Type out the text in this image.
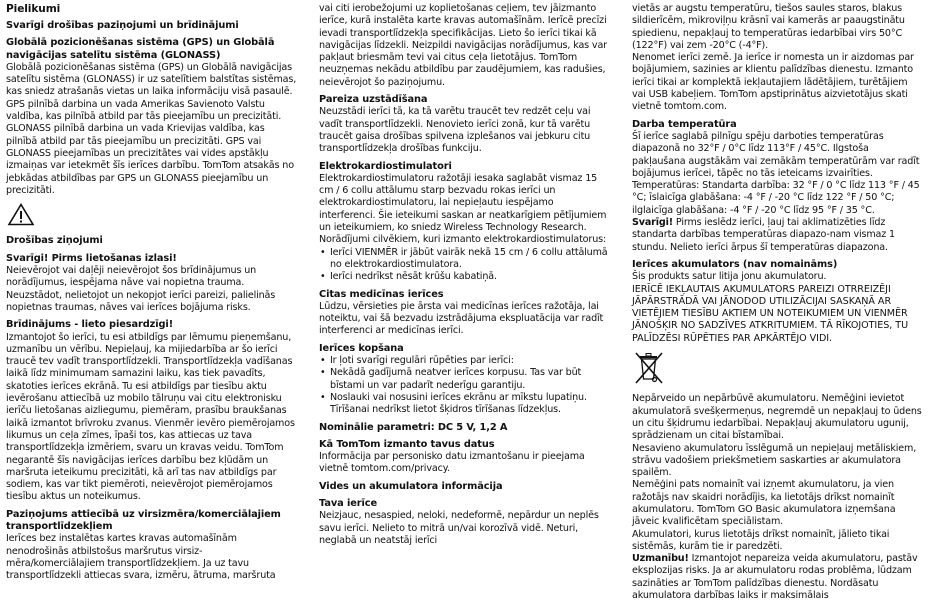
Pielikumi
Svarīgi drošības paziņojumi un brīdinājumi
Globālā pozicionēšanas sistēma (GPS) un Globālā navigācijas satelītu sistēma (GLONASS)

Globālā pozicionēšanas sistēma (GPS) un Globālā navigācijas satelītu sistēma (GLONASS) ir uz satelītiem balstītas sistēmas, kas sniedz atrašanās vietas un laika informāciju visā pasaulē. GPS pilnībā darbina un vada Amerikas Savienoto Valstu valdība, kas pilnībā atbild par tās pieejamību un precizitāti. GLONASS pilnībā darbina un vada Krievijas valdība, kas pilnībā atbild par tās pieejamību un precizitāti. GPS vai GLONASS pieejamības un precizitātes vai vides apstākļu izmaiņas var ietekmēt šīs ierīces darbību. TomTom atsakās no jebkādas atbildības par GPS un GLONASS pieejamību un precizitāti.

Drošības ziņojumi
Svarīgi! Pirms lietošanas izlasi!

Neievērojot vai daļēji neievērojot šos brīdinājumus un norādījumus, iespējama nāve vai nopietna trauma. Neuzstādot, nelietojot un nekopjot ierīci pareizi, palielinās nopietnas traumas, nāves vai ierīces bojājuma risks.

Brīdinājums - lieto piesardzīgi!

Izmantojot šo ierīci, tu esi atbildīgs par lēmumu pieņemšanu, uzmanību un vērību. Nepieļauj, ka mijiedarbība ar šo ierīci traucē tev vadīt transportlīdzekli. Transportlīdzekļa vadīšanas laikā līdz minimumam samazini laiku, kas tiek pavadīts, skatoties ierīces ekrānā. Tu esi atbildīgs par tiesību aktu ievērošanu attiecībā uz mobilo tālruņu vai citu elektronisku ierīču lietošanas aizliegumu, piemēram, prasību braukšanas laikā izmantot brīvroku zvanus. Vienmēr ievēro piemērojamos likumus un ceļa zīmes, īpaši tos, kas attiecas uz tava transportlīdzekļa izmēriem, svaru un kravas veidu. TomTom negarantē šīs navigācijas ierīces darbību bez kļūdām un maršruta ieteikumu precizitāti, kā arī tas nav atbildīgs par sodiem, kas var tikt piemēroti, neievērojot piemērojamos tiesību aktus un noteikumus.

Paziņojums attiecībā uz virsizmēra/komerciālajiem transportlīdzekļiem

Ierīces bez instalētas kartes kravas automašīnām nenodrošinās atbilstošus maršrutus virsiz-mēra/komerciālajiem transportlīdzekļiem. Ja uz tavu transportlīdzekli attiecas svara, izmēru, ātruma, maršruta

vai citi ierobežojumi uz koplietošanas ceļiem, tev jāizmanto ierīce, kurā instalēta karte kravas automašīnām. Ierīcē precīzi ievadi transportlīdzekļa specifikācijas. Lieto šo ierīci tikai kā navigācijas līdzekli. Neizpildi navigācijas norādījumus, kas var pakļaut briesmām tevi vai citus ceļa lietotājus. TomTom neuzņemas nekādu atbildību par zaudējumiem, kas radušies, neievērojot šo paziņojumu.

Pareiza uzstādīšana

Neuzstādi ierīci tā, ka tā varētu traucēt tev redzēt ceļu vai vadīt transportlīdzekli. Nenovieto ierīci zonā, kur tā varētu traucēt gaisa drošības spilvena izplešanos vai jebkuru citu transportlīdzekļa drošības funkciju.

Elektrokardiostimulatori

Elektrokardiostimulatoru ražotāji iesaka saglabāt vismaz 15 cm / 6 collu attālumu starp bezvadu rokas ierīci un elektrokardiostimulatoru, lai nepieļautu iespējamo interferenci. Šie ieteikumi saskan ar neatkarīgiem pētījumiem un ieteikumiem, ko sniedz Wireless Technology Research.

Norādījumi cilvēkiem, kuri izmanto elektrokardiostimulatorus:

• Ierīci VIENMĒR ir jābūt vairāk nekā 15 cm / 6 collu attālumā no elektrokardiostimulatora.
• Ierīci nedrīkst nēsāt krūšu kabatiņā.
Citas medicīnas ierīces

Lūdzu, vērsieties pie ārsta vai medicīnas ierīces ražotāja, lai noteiktu, vai šā bezvadu izstrādājuma ekspluatācija var radīt interferenci ar medicīnas ierīci.

Ierīces kopšana
• Ir ļoti svarīgi regulāri rūpēties par ierīci:
• Nekādā gadījumā neatver ierīces korpusu. Tas var būt bīstami un var padarīt nederīgu garantiju.
• Noslauki vai nosusini ierīces ekrānu ar mīkstu lupatiņu. Tīrīšanai nedrīkst lietot šķidros tīrīšanas līdzekļus.
Nominālie parametri: DC 5 V, 1,2 A
Kā TomTom izmanto tavus datus

Informācija par personisko datu izmantošanu ir pieejama vietnē tomtom.com/privacy.

Vides un akumulatora informācija
Tava ierīce

Neizjauc, nesaspied, neloki, nedeformē, nepārdur un neplēs savu ierīci. Nelieto to mitrā un/vai korozīvā vidē. Neturi, neglabā un neatstāj ierīci

vietās ar augstu temperatūru, tiešos saules staros, blakus sildierīcēm, mikroviļņu krāsnī vai kamerās ar paaugstinātu spiedienu, nepakļauj to temperatūras iedarbībai virs 50°C (122°F) vai zem -20°C (-4°F).

Nenomet ierīci zemē. Ja ierīce ir nomesta un ir aizdomas par bojājumiem, sazinies ar klientu palīdzības dienestu. Izmanto ierīci tikai ar komplektā iekļautajiem lādētājiem, turētājiem vai USB kabeļiem. TomTom apstiprinātus aizvietotājus skati vietnē tomtom.com.

Darba temperatūra

Šī ierīce saglabā pilnīgu spēju darboties temperatūras diapazonā no 32°F / 0°C līdz 113°F / 45°C. Ilgstoša pakļaušana augstākām vai zemākām temperatūrām var radīt bojājumus ierīcei, tāpēc no tās ieteicams izvairīties.

Temperatūras: Standarta darbība: 32 °F / 0 °C līdz 113 °F / 45 °C; īslaicīga glabāšana: -4 °F / -20 °C līdz 122 °F / 50 °C; ilglaicīga glabāšana: -4 °F / -20 °C līdz 95 °F / 35 °C.

Svarīgi! Pirms ieslēdz ierīci, ļauj tai aklimatizēties līdz standarta darbības temperatūras diapazo-nam vismaz 1 stundu. Nelieto ierīci ārpus šī temperatūras diapazona.

Ierīces akumulators (nav nomaināms)

Šis produkts satur litija jonu akumulatoru.

IERĪCĒ IEKĻAUTAIS AKUMULATORS PAREIZI OTRREIZĒJI JĀPĀRSTRĀDĀ VAI JĀNODOD UTILIZĀCIJAI SASKAŅĀ AR VIETĒJIEM TIESĪBU AKTIEM UN NOTEIKUMIEM UN VIENMĒR JĀNOŠĶIR NO SADZĪVES ATKRITUMIEM. TĀ RĪKOJOTIES, TU PALĪDZĒSI RŪPĒTIES PAR APKĀRTĒJO VIDI.

Nepārveido un nepārbūvē akumulatoru. Nemēģini ievietot akumulatorā svešķermeņus, negremdē un nepakļauj to ūdens un citu šķidrumu iedarbībai. Nepakļauj akumulatoru ugunij, sprādzienam un citai bīstamībai.

Nesavieno akumulatoru īsslēgumā un nepieļauj metāliskiem, strāvu vadošiem priekšmetiem saskarties ar akumulatora spailēm.

Nemēģini pats nomainīt vai izņemt akumulatoru, ja vien ražotājs nav skaidri norādījis, ka lietotājs drīkst nomainīt akumulatoru. TomTom GO Basic akumulatora izņemšana jāveic kvalificētam speciālistam.

Akumulatori, kurus lietotājs drīkst nomainīt, jālieto tikai sistēmās, kurām tie ir paredzēti.

Uzmanību! Izmantojot nepareiza veida akumulatoru, pastāv eksplozijas risks. Ja ar akumulatoru rodas problēma, lūdzam sazināties ar TomTom palīdzības dienestu. Nordāsatu akumulatora darbības laiks ir maksimālais
